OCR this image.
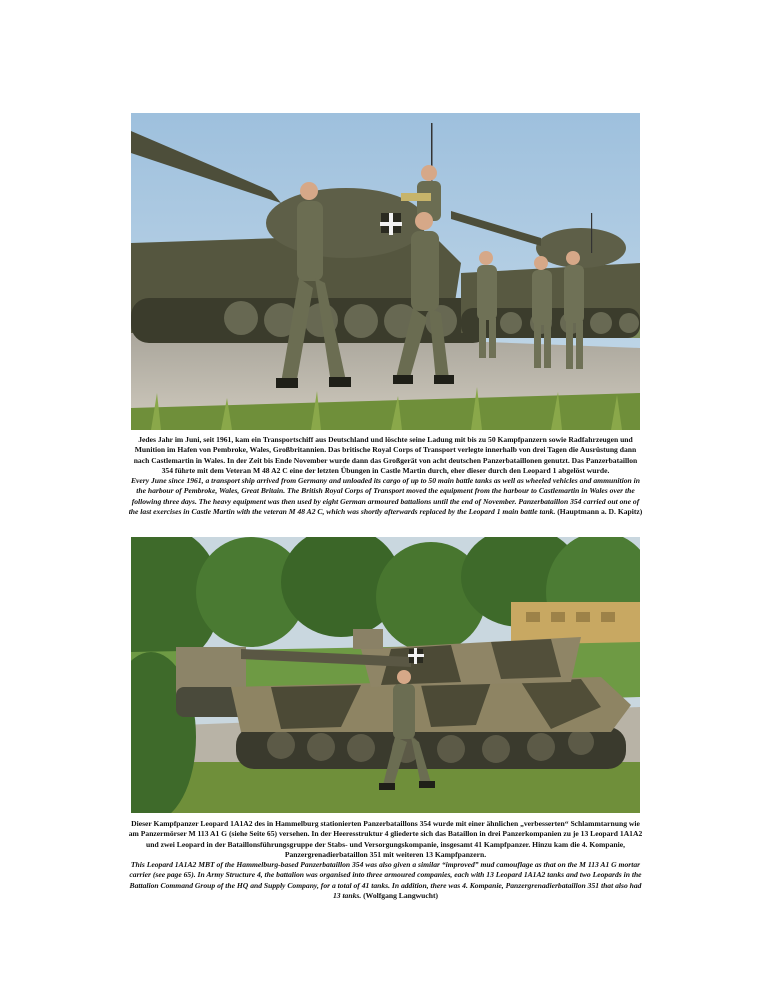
Jedes Jahr im Juni, seit 1961, kam ein Transportschiff aus Deutschland und löschte seine Ladung mit bis zu 50 Kampfpanzern sowie Radfahrzeugen und Munition im Hafen von Pembroke, Wales, Großbritannien. Das britische Royal Corps of Transport verlegte innerhalb von drei Tagen die Ausrüstung dann nach Castlemartin in Wales. In der Zeit bis Ende November wurde dann das Großgerät von acht deutschen Panzerbataillonen genutzt. Das Panzerbataillon 354 führte mit dem Veteran M 48 A2 C eine der letzten Übungen in Castle Martin durch, eher dieser durch den Leopard 1 abgelöst wurde.

Every June since 1961, a transport ship arrived from Germany and unloaded its cargo of up to 50 main battle tanks as well as wheeled vehicles and ammunition in the harbour of Pembroke, Wales, Great Britain. The British Royal Corps of Transport moved the equipment from the harbour to Castlemartin in Wales over the following three days. The heavy equipment was then used by eight German armoured battalions until the end of November. Panzerbataillon 354 carried out one of the last exercises in Castle Martin with the veteran M 48 A2 C, which was shortly afterwards replaced by the Leopard 1 main battle tank. (Hauptmann a. D. Kapitz)

Dieser Kampfpanzer Leopard 1A1A2 des in Hammelburg stationierten Panzerbataillons 354 wurde mit einer ähnlichen „verbesserten“ Schlammtarnung wie am Panzermörser M 113 A1 G (siehe Seite 65) versehen. In der Heeresstruktur 4 gliederte sich das Bataillon in drei Panzerkompanien zu je 13 Leopard 1A1A2 und zwei Leopard in der Bataillonsführungsgruppe der Stabs- und Versorgungskompanie, insgesamt 41 Kampfpanzer. Hinzu kam die 4. Kompanie, Panzergrenadierbataillon 351 mit weiteren 13 Kampfpanzern.

This Leopard 1A1A2 MBT of the Hammelburg-based Panzerbataillon 354 was also given a similar “improved” mud camouflage as that on the M 113 A1 G mortar carrier (see page 65). In Army Structure 4, the battalion was organised into three armoured companies, each with 13 Leopard 1A1A2 tanks and two Leopards in the Battalion Command Group of the HQ and Supply Company, for a total of 41 tanks. In addition, there was 4. Kompanie, Panzergrenadierbataillon 351 that also had 13 tanks. (Wolfgang Langwucht)
